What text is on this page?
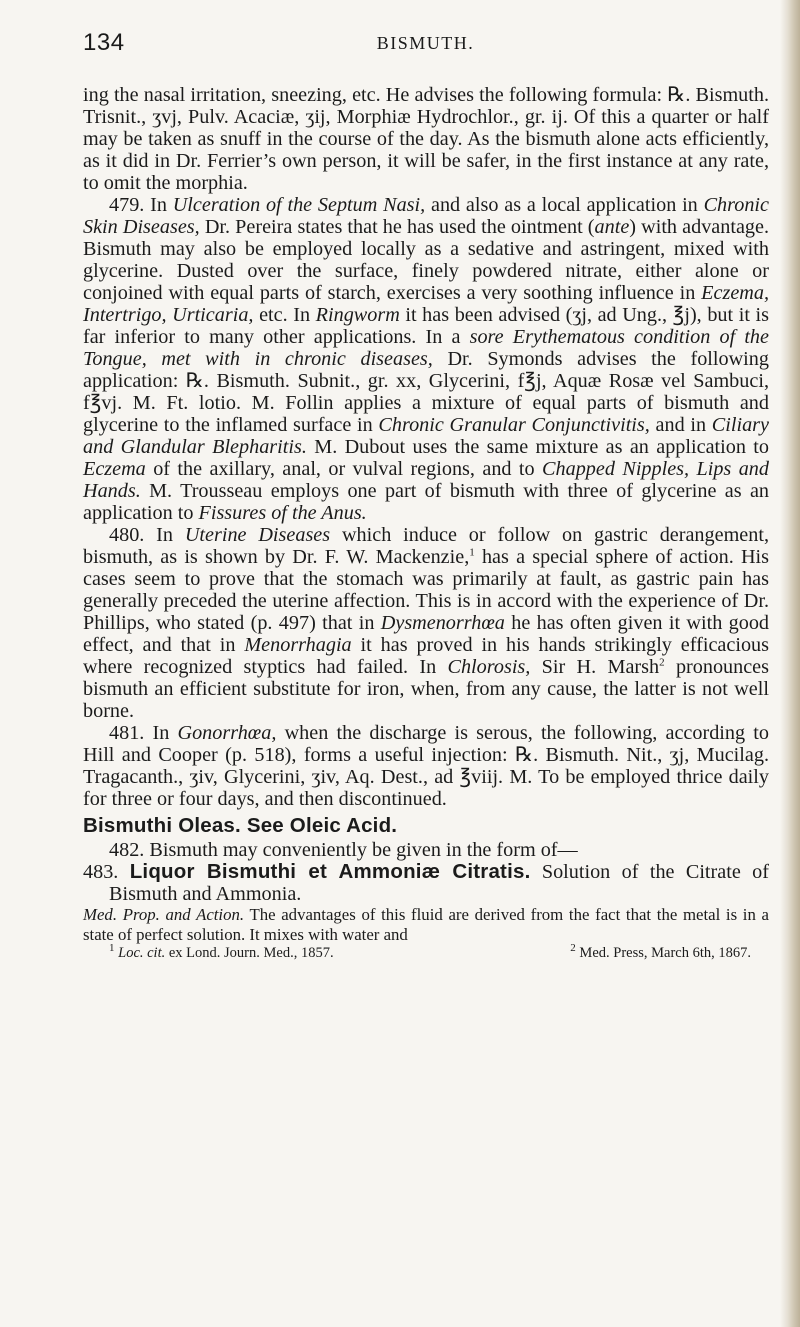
134	BISMUTH.

ing the nasal irritation, sneezing, etc. He advises the following formula: ℞. Bismuth. Trisnit., ʒvj, Pulv. Acaciæ, ʒij, Morphiæ Hydrochlor., gr. ij. Of this a quarter or half may be taken as snuff in the course of the day. As the bismuth alone acts efficiently, as it did in Dr. Ferrier’s own person, it will be safer, in the first instance at any rate, to omit the morphia.

479. In Ulceration of the Septum Nasi, and also as a local application in Chronic Skin Diseases, Dr. Pereira states that he has used the ointment (ante) with advantage. Bismuth may also be employed locally as a sedative and astringent, mixed with glycerine. Dusted over the surface, finely powdered nitrate, either alone or conjoined with equal parts of starch, exercises a very soothing influence in Eczema, Intertrigo, Urticaria, etc. In Ringworm it has been advised (ʒj, ad Ung., ℥j), but it is far inferior to many other applications. In a sore Erythematous condition of the Tongue, met with in chronic diseases, Dr. Symonds advises the following application: ℞. Bismuth. Subnit., gr. xx, Glycerini, f℥j, Aquæ Rosæ vel Sambuci, f℥vj. M. Ft. lotio. M. Follin applies a mixture of equal parts of bismuth and glycerine to the inflamed surface in Chronic Granular Conjunctivitis, and in Ciliary and Glandular Blepharitis. M. Dubout uses the same mixture as an application to Eczema of the axillary, anal, or vulval regions, and to Chapped Nipples, Lips and Hands. M. Trousseau employs one part of bismuth with three of glycerine as an application to Fissures of the Anus.

480. In Uterine Diseases which induce or follow on gastric derangement, bismuth, as is shown by Dr. F. W. Mackenzie,$^1$ has a special sphere of action. His cases seem to prove that the stomach was primarily at fault, as gastric pain has generally preceded the uterine affection. This is in accord with the experience of Dr. Phillips, who stated (p. 497) that in Dysmenorrhœa he has often given it with good effect, and that in Menorrhagia it has proved in his hands strikingly efficacious where recognized styptics had failed. In Chlorosis, Sir H. Marsh$^2$ pronounces bismuth an efficient substitute for iron, when, from any cause, the latter is not well borne.

481. In Gonorrhœa, when the discharge is serous, the following, according to Hill and Cooper (p. 518), forms a useful injection: ℞. Bismuth. Nit., ʒj, Mucilag. Tragacanth., ʒiv, Glycerini, ʒiv, Aq. Dest., ad ℥viij. M. To be employed thrice daily for three or four days, and then discontinued.

Bismuthi Oleas. See Oleic Acid.

482. Bismuth may conveniently be given in the form of—

483. Liquor Bismuthi et Ammoniæ Citratis. Solution of the Citrate of Bismuth and Ammonia.

Med. Prop. and Action. The advantages of this fluid are derived from the fact that the metal is in a state of perfect solution. It mixes with water and

$^1$ Loc. cit. ex Lond. Journ. Med., 1857.	$^2$ Med. Press, March 6th, 1867.
